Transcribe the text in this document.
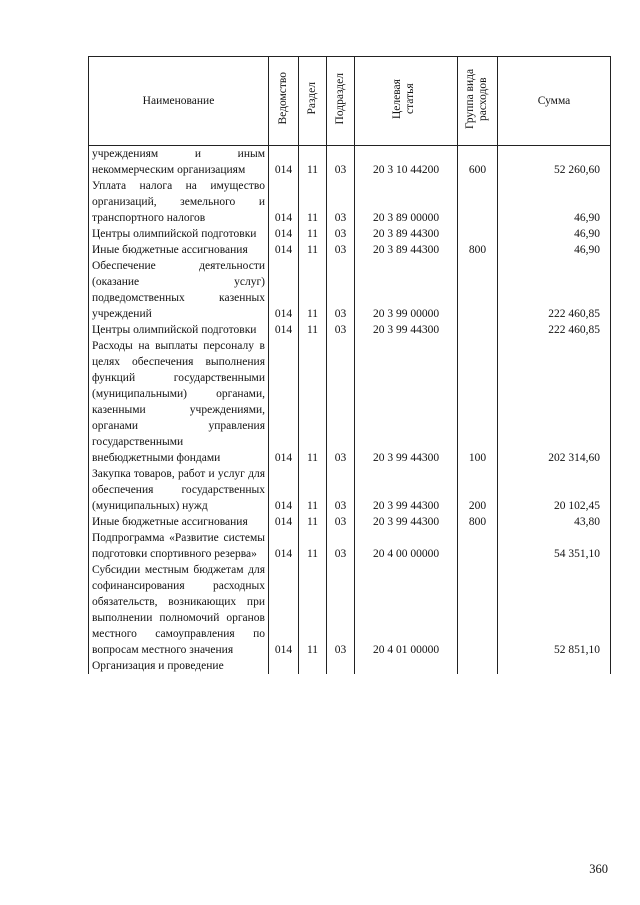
Наименование	Ведомство	Раздел	Подраздел	Целевая статья	Группа вида расходов	Сумма
учреждениям и иным некоммерческим организациям	014	11	03	20 3 10 44200	600	52 260,60
Уплата налога на имущество организаций, земельного и транспортного налогов	014	11	03	20 3 89 00000		46,90
Центры олимпийской подготовки	014	11	03	20 3 89 44300		46,90
Иные бюджетные ассигнования	014	11	03	20 3 89 44300	800	46,90
Обеспечение деятельности (оказание услуг) подведомственных казенных учреждений	014	11	03	20 3 99 00000		222 460,85
Центры олимпийской подготовки	014	11	03	20 3 99 44300		222 460,85
Расходы на выплаты персоналу в целях обеспечения выполнения функций государственными (муниципальными) органами, казенными учреждениями, органами управления государственными внебюджетными фондами	014	11	03	20 3 99 44300	100	202 314,60
Закупка товаров, работ и услуг для обеспечения государственных (муниципальных) нужд	014	11	03	20 3 99 44300	200	20 102,45
Иные бюджетные ассигнования	014	11	03	20 3 99 44300	800	43,80
Подпрограмма «Развитие системы подготовки спортивного резерва»	014	11	03	20 4 00 00000		54 351,10
Субсидии местным бюджетам для софинансирования расходных обязательств, возникающих при выполнении полномочий органов местного самоуправления по вопросам местного значения	014	11	03	20 4 01 00000		52 851,10
Организация и проведение						
360
